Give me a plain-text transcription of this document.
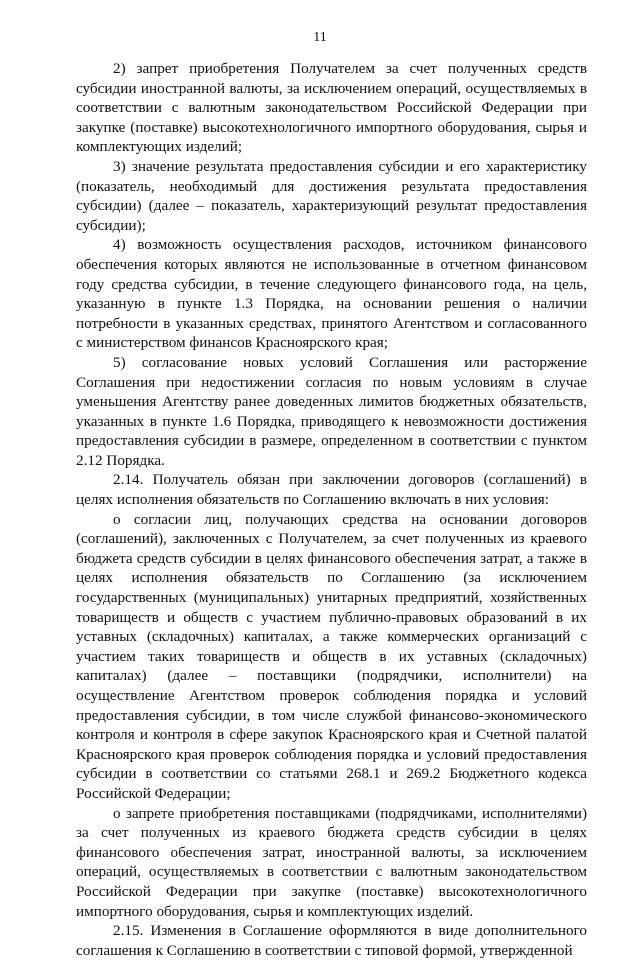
11

2) запрет приобретения Получателем за счет полученных средств субсидии иностранной валюты, за исключением операций, осуществляемых в соответствии с валютным законодательством Российской Федерации при закупке (поставке) высокотехнологичного импортного оборудования, сырья и комплектующих изделий;

3) значение результата предоставления субсидии и его характеристику (показатель, необходимый для достижения результата предоставления субсидии) (далее – показатель, характеризующий результат предоставления субсидии);

4) возможность осуществления расходов, источником финансового обеспечения которых являются не использованные в отчетном финансовом году средства субсидии, в течение следующего финансового года, на цель, указанную в пункте 1.3 Порядка, на основании решения о наличии потребности в указанных средствах, принятого Агентством и согласованного с министерством финансов Красноярского края;

5) согласование новых условий Соглашения или расторжение Соглашения при недостижении согласия по новым условиям в случае уменьшения Агентству ранее доведенных лимитов бюджетных обязательств, указанных в пункте 1.6 Порядка, приводящего к невозможности достижения предоставления субсидии в размере, определенном в соответствии с пунктом 2.12 Порядка.

2.14. Получатель обязан при заключении договоров (соглашений) в целях исполнения обязательств по Соглашению включать в них условия:

о согласии лиц, получающих средства на основании договоров (соглашений), заключенных с Получателем, за счет полученных из краевого бюджета средств субсидии в целях финансового обеспечения затрат, а также в целях исполнения обязательств по Соглашению (за исключением государственных (муниципальных) унитарных предприятий, хозяйственных товариществ и обществ с участием публично-правовых образований в их уставных (складочных) капиталах, а также коммерческих организаций с участием таких товариществ и обществ в их уставных (складочных) капиталах) (далее – поставщики (подрядчики, исполнители) на осуществление Агентством проверок соблюдения порядка и условий предоставления субсидии, в том числе службой финансово-экономического контроля и контроля в сфере закупок Красноярского края и Счетной палатой Красноярского края проверок соблюдения порядка и условий предоставления субсидии в соответствии со статьями 268.1 и 269.2 Бюджетного кодекса Российской Федерации;

о запрете приобретения поставщиками (подрядчиками, исполнителями) за счет полученных из краевого бюджета средств субсидии в целях финансового обеспечения затрат, иностранной валюты, за исключением операций, осуществляемых в соответствии с валютным законодательством Российской Федерации при закупке (поставке) высокотехнологичного импортного оборудования, сырья и комплектующих изделий.

2.15. Изменения в Соглашение оформляются в виде дополнительного соглашения к Соглашению в соответствии с типовой формой, утвержденной
